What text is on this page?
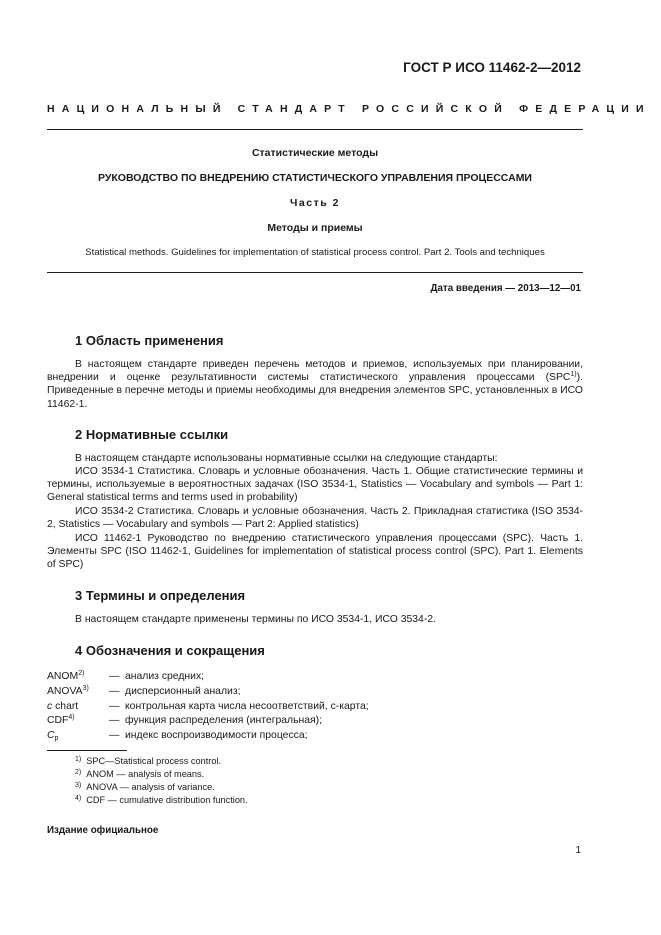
ГОСТ Р ИСО 11462-2—2012
НАЦИОНАЛЬНЫЙ СТАНДАРТ РОССИЙСКОЙ ФЕДЕРАЦИИ
Статистические методы
РУКОВОДСТВО ПО ВНЕДРЕНИЮ СТАТИСТИЧЕСКОГО УПРАВЛЕНИЯ ПРОЦЕССАМИ
Часть 2
Методы и приемы
Statistical methods. Guidelines for implementation of statistical process control. Part 2. Tools and techniques
Дата введения — 2013—12—01
1 Область применения
В настоящем стандарте приведен перечень методов и приемов, используемых при планировании, внедрении и оценке результативности системы статистического управления процессами (SPC$^{1)}$). Приведенные в перечне методы и приемы необходимы для внедрения элементов SPC, установленных в ИСО 11462-1.
2 Нормативные ссылки
В настоящем стандарте использованы нормативные ссылки на следующие стандарты:
ИСО 3534-1 Статистика. Словарь и условные обозначения. Часть 1. Общие статистические термины и термины, используемые в вероятностных задачах (ISO 3534-1, Statistics — Vocabulary and symbols — Part 1: General statistical terms and terms used in probability)
ИСО 3534-2 Статистика. Словарь и условные обозначения. Часть 2. Прикладная статистика (ISO 3534-2, Statistics — Vocabulary and symbols — Part 2: Applied statistics)
ИСО 11462-1 Руководство по внедрению статистического управления процессами (SPC). Часть 1. Элементы SPC (ISO 11462-1, Guidelines for implementation of statistical process control (SPC). Part 1. Elements of SPC)
3 Термины и определения
В настоящем стандарте применены термины по ИСО 3534-1, ИСО 3534-2.
4 Обозначения и сокращения
ANOM$^{2)}$ — анализ средних;
ANOVA$^{3)}$ — дисперсионный анализ;
c chart	— контрольная карта числа несоответствий, c-карта;
CDF$^{4)}$	— функция распределения (интегральная);
$C_p$	— индекс воспроизводимости процесса;
$^{1)}$ SPC—Statistical process control.
$^{2)}$ ANOM — analysis of means.
$^{3)}$ ANOVA — analysis of variance.
$^{4)}$ CDF — cumulative distribution function.
Издание официальное
1
